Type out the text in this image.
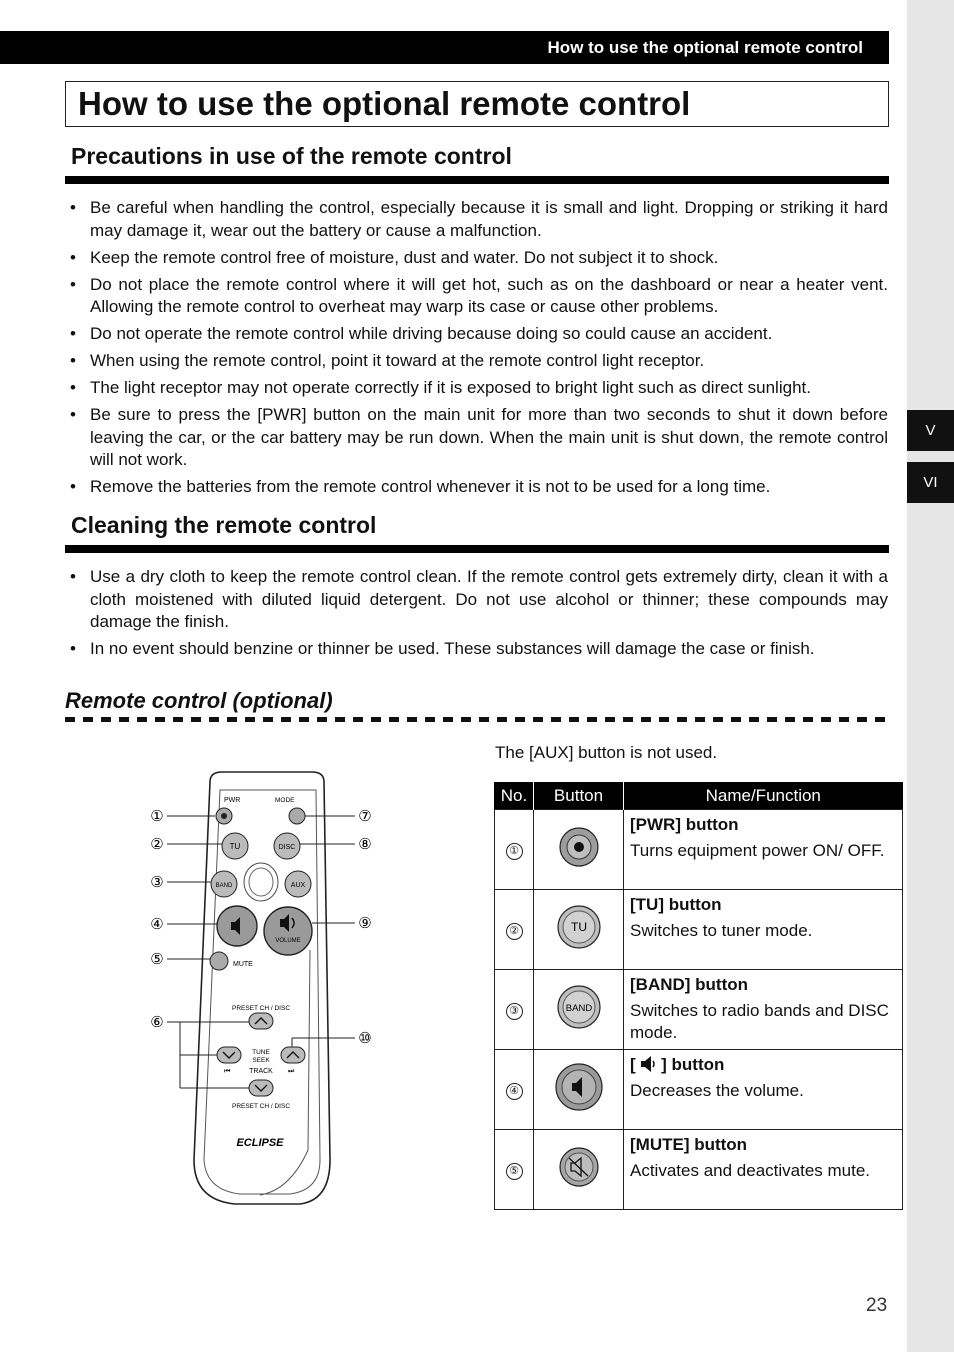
V
VI
How to use the optional remote control
How to use the optional remote control
Precautions in use of the remote control
• Be careful when handling the control, especially because it is small and light. Dropping or striking it hard may damage it, wear out the battery or cause a malfunction.
• Keep the remote control free of moisture, dust and water. Do not subject it to shock.
• Do not place the remote control where it will get hot, such as on the dashboard or near a heater vent. Allowing the remote control to overheat may warp its case or cause other problems.
• Do not operate the remote control while driving because doing so could cause an accident.
• When using the remote control, point it toward at the remote control light receptor.
• The light receptor may not operate correctly if it is exposed to bright light such as direct sunlight.
• Be sure to press the [PWR] button on the main unit for more than two seconds to shut it down before leaving the car, or the car battery may be run down. When the main unit is shut down, the remote control will not work.
• Remove the batteries from the remote control whenever it is not to be used for a long time.
Cleaning the remote control
• Use a dry cloth to keep the remote control clean. If the remote control gets extremely dirty, clean it with a cloth moistened with diluted liquid detergent. Do not use alcohol or thinner; these compounds may damage the finish.
• In no event should benzine or thinner be used. These substances will damage the case or finish.
Remote control (optional)
The [AUX] button is not used.
PWR	MODE
TU	DISC
BAND	AUX
VOLUME
MUTE
PRESET CH / DISC
TUNE
SEEK
TRACK
⏮	⏭
PRESET CH / DISC
ECLIPSE
①
②
③
④
⑤
⑥
⑦
⑧
⑨
⑩
No.	Button	Name/Function
①		[PWR] button
Turns equipment power ON/ OFF.
②	TU	[TU] button
Switches to tuner mode.
③	BAND	[BAND] button
Switches to radio bands and DISC mode.
④		[ ] button
Decreases the volume.
⑤		[MUTE] button
Activates and deactivates mute.
23
